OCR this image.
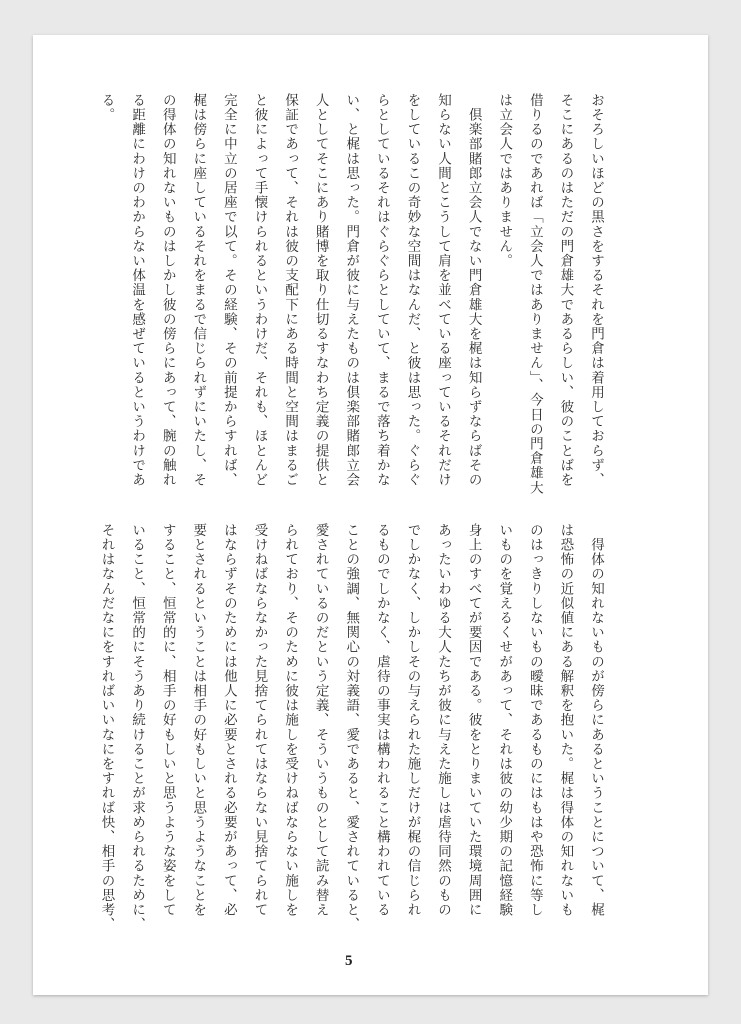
おそろしいほどの黒さをするそれを門倉は着用しておらず、
そこにあるのはただの門倉雄大であるらしい、彼のことばを
借りるのであれば「立会人ではありません」、今日の門倉雄大
は立会人ではありません。
　倶楽部賭郎立会人でない門倉雄大を梶は知らずならばその
知らない人間とこうして肩を並べている座っているそれだけ
をしているこの奇妙な空間はなんだ、と彼は思った。ぐらぐ
らとしているそれはぐらぐらとしていて、まるで落ち着かな
い、と梶は思った。門倉が彼に与えたものは倶楽部賭郎立会
人としてそこにあり賭博を取り仕切るすなわち定義の提供と
保証であって、それは彼の支配下にある時間と空間はまるご
と彼によって手懐けられるというわけだ、それも、ほとんど
完全に中立の居座で以て。その経験、その前提からすれば、
梶は傍らに座しているそれをまるで信じられずにいたし、そ
の得体の知れないものはしかし彼の傍らにあって、腕の触れ
る距離にわけのわからない体温を感ぜているというわけであ
る。
　得体の知れないものが傍らにあるということについて、梶
は恐怖の近似値にある解釈を抱いた。梶は得体の知れないも
のはっきりしないもの曖昧であるものにはもはや恐怖に等し
いものを覚えるくせがあって、それは彼の幼少期の記憶経験
身上のすべてが要因である。彼をとりまいていた環境周囲に
あったいわゆる大人たちが彼に与えた施しは虐待同然のもの
でしかなく、しかしその与えられた施しだけが梶の信じられ
るものでしかなく、虐待の事実は構われること構われている
ことの強調、無関心の対義語、愛であると、愛されていると、
愛されているのだという定義、そういうものとして読み替え
られており、そのために彼は施しを受けねばならない施しを
受けねばならなかった見捨てられてはならない見捨てられて
はならずそのためには他人に必要とされる必要があって、必
要とされるということは相手の好もしいと思うようなことを
すること、恒常的に、相手の好もしいと思うような姿をして
いること、恒常的にそうあり続けることが求められるために、
それはなんだなにをすればいいなにをすれば快、相手の思考、
5
